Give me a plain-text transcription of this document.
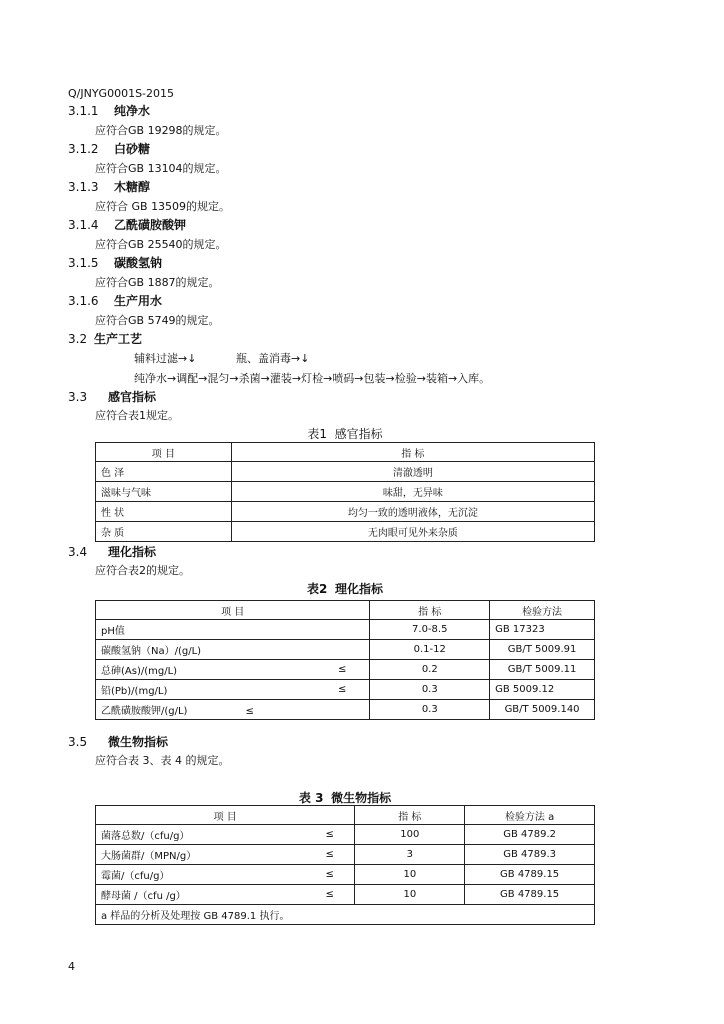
Q/JNYG0001S-2015
3.1.1 纯净水
应符合GB 19298的规定。
3.1.2 白砂糖
应符合GB 13104的规定。
3.1.3 木糖醇
应符合 GB 13509的规定。
3.1.4 乙酰磺胺酸钾
应符合GB 25540的规定。
3.1.5 碳酸氢钠
应符合GB 1887的规定。
3.1.6 生产用水
应符合GB 5749的规定。
3.2 生产工艺
辅料过滤→↓	瓶、盖消毒→↓
纯净水→调配→混匀→杀菌→灌装→灯检→喷码→包装→检验→装箱→入库。
3.3 感官指标
应符合表1规定。
表1 感官指标
项 目	指 标
色 泽	清澈透明
滋味与气味	味甜，无异味
性 状	均匀一致的透明液体，无沉淀
杂 质	无肉眼可见外来杂质
3.4 理化指标
应符合表2的规定。
表2 理化指标
项 目		指 标	检验方法
pH值		7.0-8.5	GB 17323
碳酸氢钠（Na）/(g/L)		0.1-12	GB/T 5009.91
总砷(As)/(mg/L)	≤	0.2	GB/T 5009.11
铅(Pb)/(mg/L)	≤	0.3	GB 5009.12
乙酰磺胺酸钾/(g/L) ≤		0.3	GB/T 5009.140
3.5 微生物指标
应符合表 3、表 4 的规定。
表 3 微生物指标
项 目		指 标	检验方法 a
菌落总数/（cfu/g）	≤	100	GB 4789.2
大肠菌群/（MPN/g）	≤	3	GB 4789.3
霉菌/（cfu/g）	≤	10	GB 4789.15
酵母菌 /（cfu /g）	≤	10	GB 4789.15
a 样品的分析及处理按 GB 4789.1 执行。			
4
